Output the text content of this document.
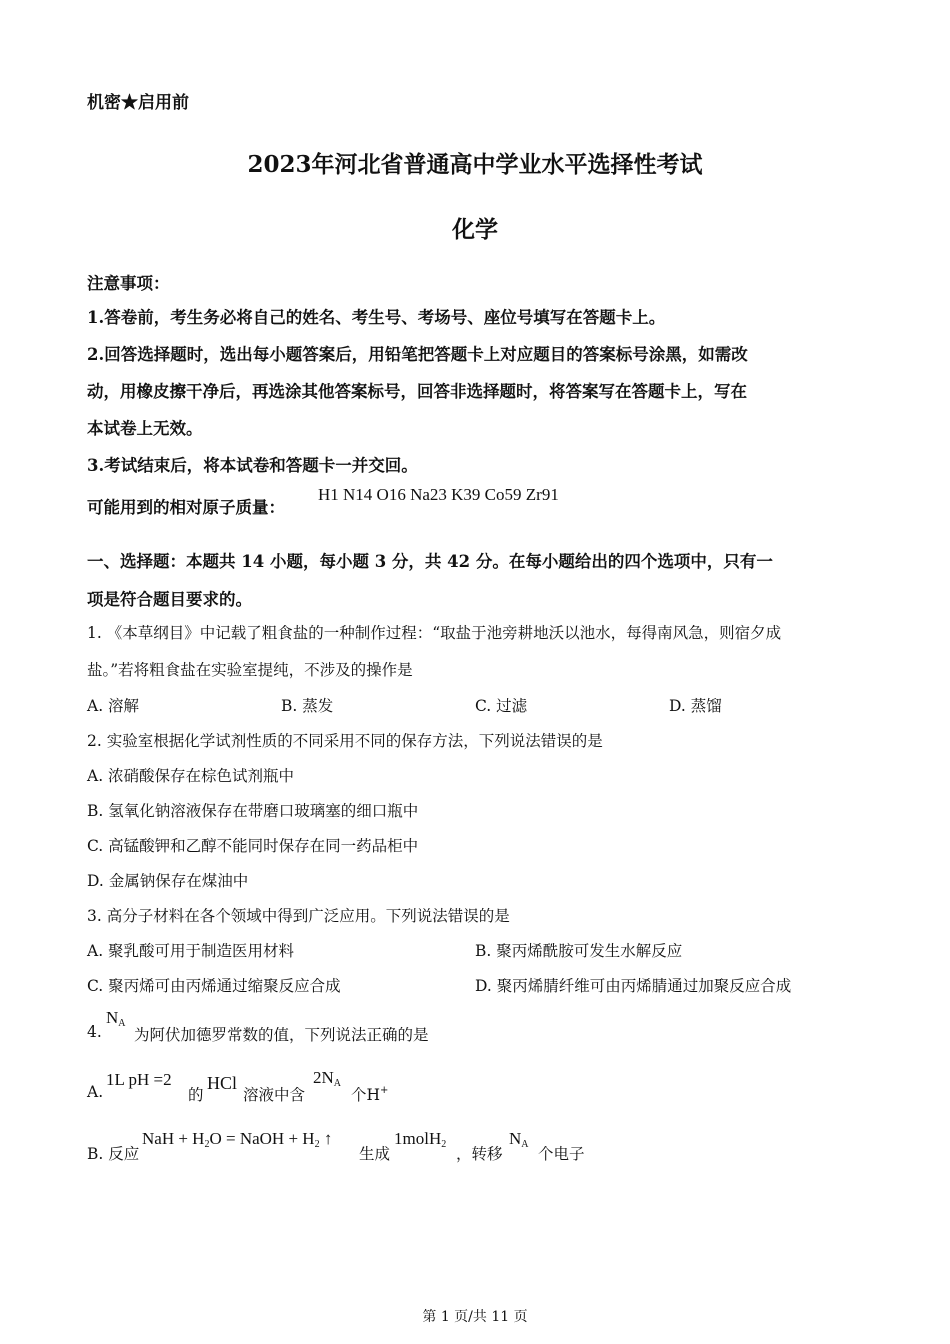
机密★启用前
2023年河北省普通高中学业水平选择性考试
化学
注意事项：
1.答卷前，考生务必将自己的姓名、考生号、考场号、座位号填写在答题卡上。
2.回答选择题时，选出每小题答案后，用铅笔把答题卡上对应题目的答案标号涂黑，如需改
动，用橡皮擦干净后，再选涂其他答案标号，回答非选择题时，将答案写在答题卡上，写在
本试卷上无效。
3.考试结束后，将本试卷和答题卡一并交回。
可能用到的相对原子质量：
H1 N14 O16 Na23 K39 Co59 Zr91
一、选择题：本题共 14 小题，每小题 3 分，共 42 分。在每小题给出的四个选项中，只有一
项是符合题目要求的。
1. 《本草纲目》中记载了粗食盐的一种制作过程：“取盐于池旁耕地沃以池水，每得南风急，则宿夕成
盐。”若将粗食盐在实验室提纯，不涉及的操作是
A. 溶解	B. 蒸发	C. 过滤	D. 蒸馏
2. 实验室根据化学试剂性质的不同采用不同的保存方法，下列说法错误的是
A. 浓硝酸保存在棕色试剂瓶中
B. 氢氧化钠溶液保存在带磨口玻璃塞的细口瓶中
C. 高锰酸钾和乙醇不能同时保存在同一药品柜中
D. 金属钠保存在煤油中
3. 高分子材料在各个领域中得到广泛应用。下列说法错误的是
A. 聚乳酸可用于制造医用材料	B. 聚丙烯酰胺可发生水解反应
C. 聚丙烯可由丙烯通过缩聚反应合成	D. 聚丙烯腈纤维可由丙烯腈通过加聚反应合成
4.
$N_A$
为阿伏加德罗常数的值，下列说法正确的是
A.
1L pH =2
的
HCl
溶液中含
$2N_A$
个H+
B. 反应
NaH + $H_2O$ = NaOH + $H_2$ ↑
生成
1molH$_2$
，转移
$N_A$
个电子
第 1 页/共 11 页
